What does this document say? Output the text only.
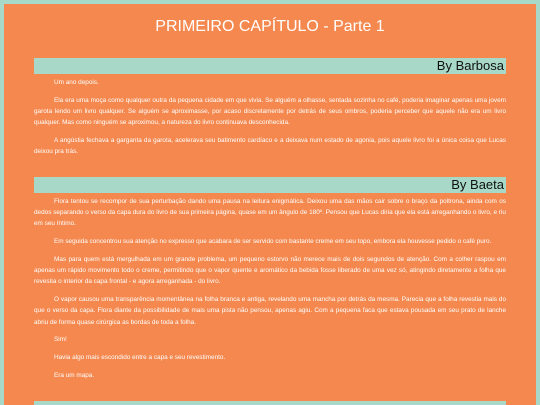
PRIMEIRO CAPÍTULO - Parte 1
By Barbosa

Um ano depois.

Ela era uma moça como qualquer outra da pequena cidade em que vivia. Se alguém a olhasse, sentada sozinha no café, poderia imaginar apenas uma jovem garota lendo um livro qualquer. Se alguém se aproximasse, por acaso discretamente por detrás de seus ombros, poderia perceber que aquele não era um livro qualquer. Mas como ninguém se aproximou, a natureza do livro continuava desconhecida.

A angústia fechava a garganta da garota, acelerava seu batimento cardíaco e a deixava num estado de agonia, pois aquele livro foi a única coisa que Lucas deixou pra trás.

By Baeta

Flora tentou se recompor de sua perturbação dando uma pausa na leitura enigmática. Deixou uma das mãos cair sobre o braço da poltrona, ainda com os dedos separando o verso da capa dura do livro de sua primeira página, quase em um ângulo de 180º. Pensou que Lucas diria que ela está arreganhando o livro, e riu em seu íntimo.

Em seguida concentrou sua atenção no expresso que acabara de ser servido com bastante creme em seu topo, embora ela houvesse pedido o café puro.

Mas para quem está mergulhada em um grande problema, um pequeno estorvo não merece mais de dois segundos de atenção. Com a colher raspou em apenas um rápido movimento todo o creme, permitindo que o vapor quente e aromático da bebida fosse liberado de uma vez só, atingindo diretamente a folha que revestia o interior da capa frontal - e agora arreganhada - do livro.

O vapor causou uma transparência momentânea na folha branca e antiga, revelando uma mancha por detrás da mesma. Parecia que a folha revestia mais do que o verso da capa. Flora diante da possibilidade de mais uma pista não pensou, apenas agiu. Com a pequena faca que estava pousada em seu prato de lanche abriu de forma quase cirúrgica as bordas de toda a folha.

Sim!

Havia algo mais escondido entre a capa e seu revestimento.

Era um mapa.
